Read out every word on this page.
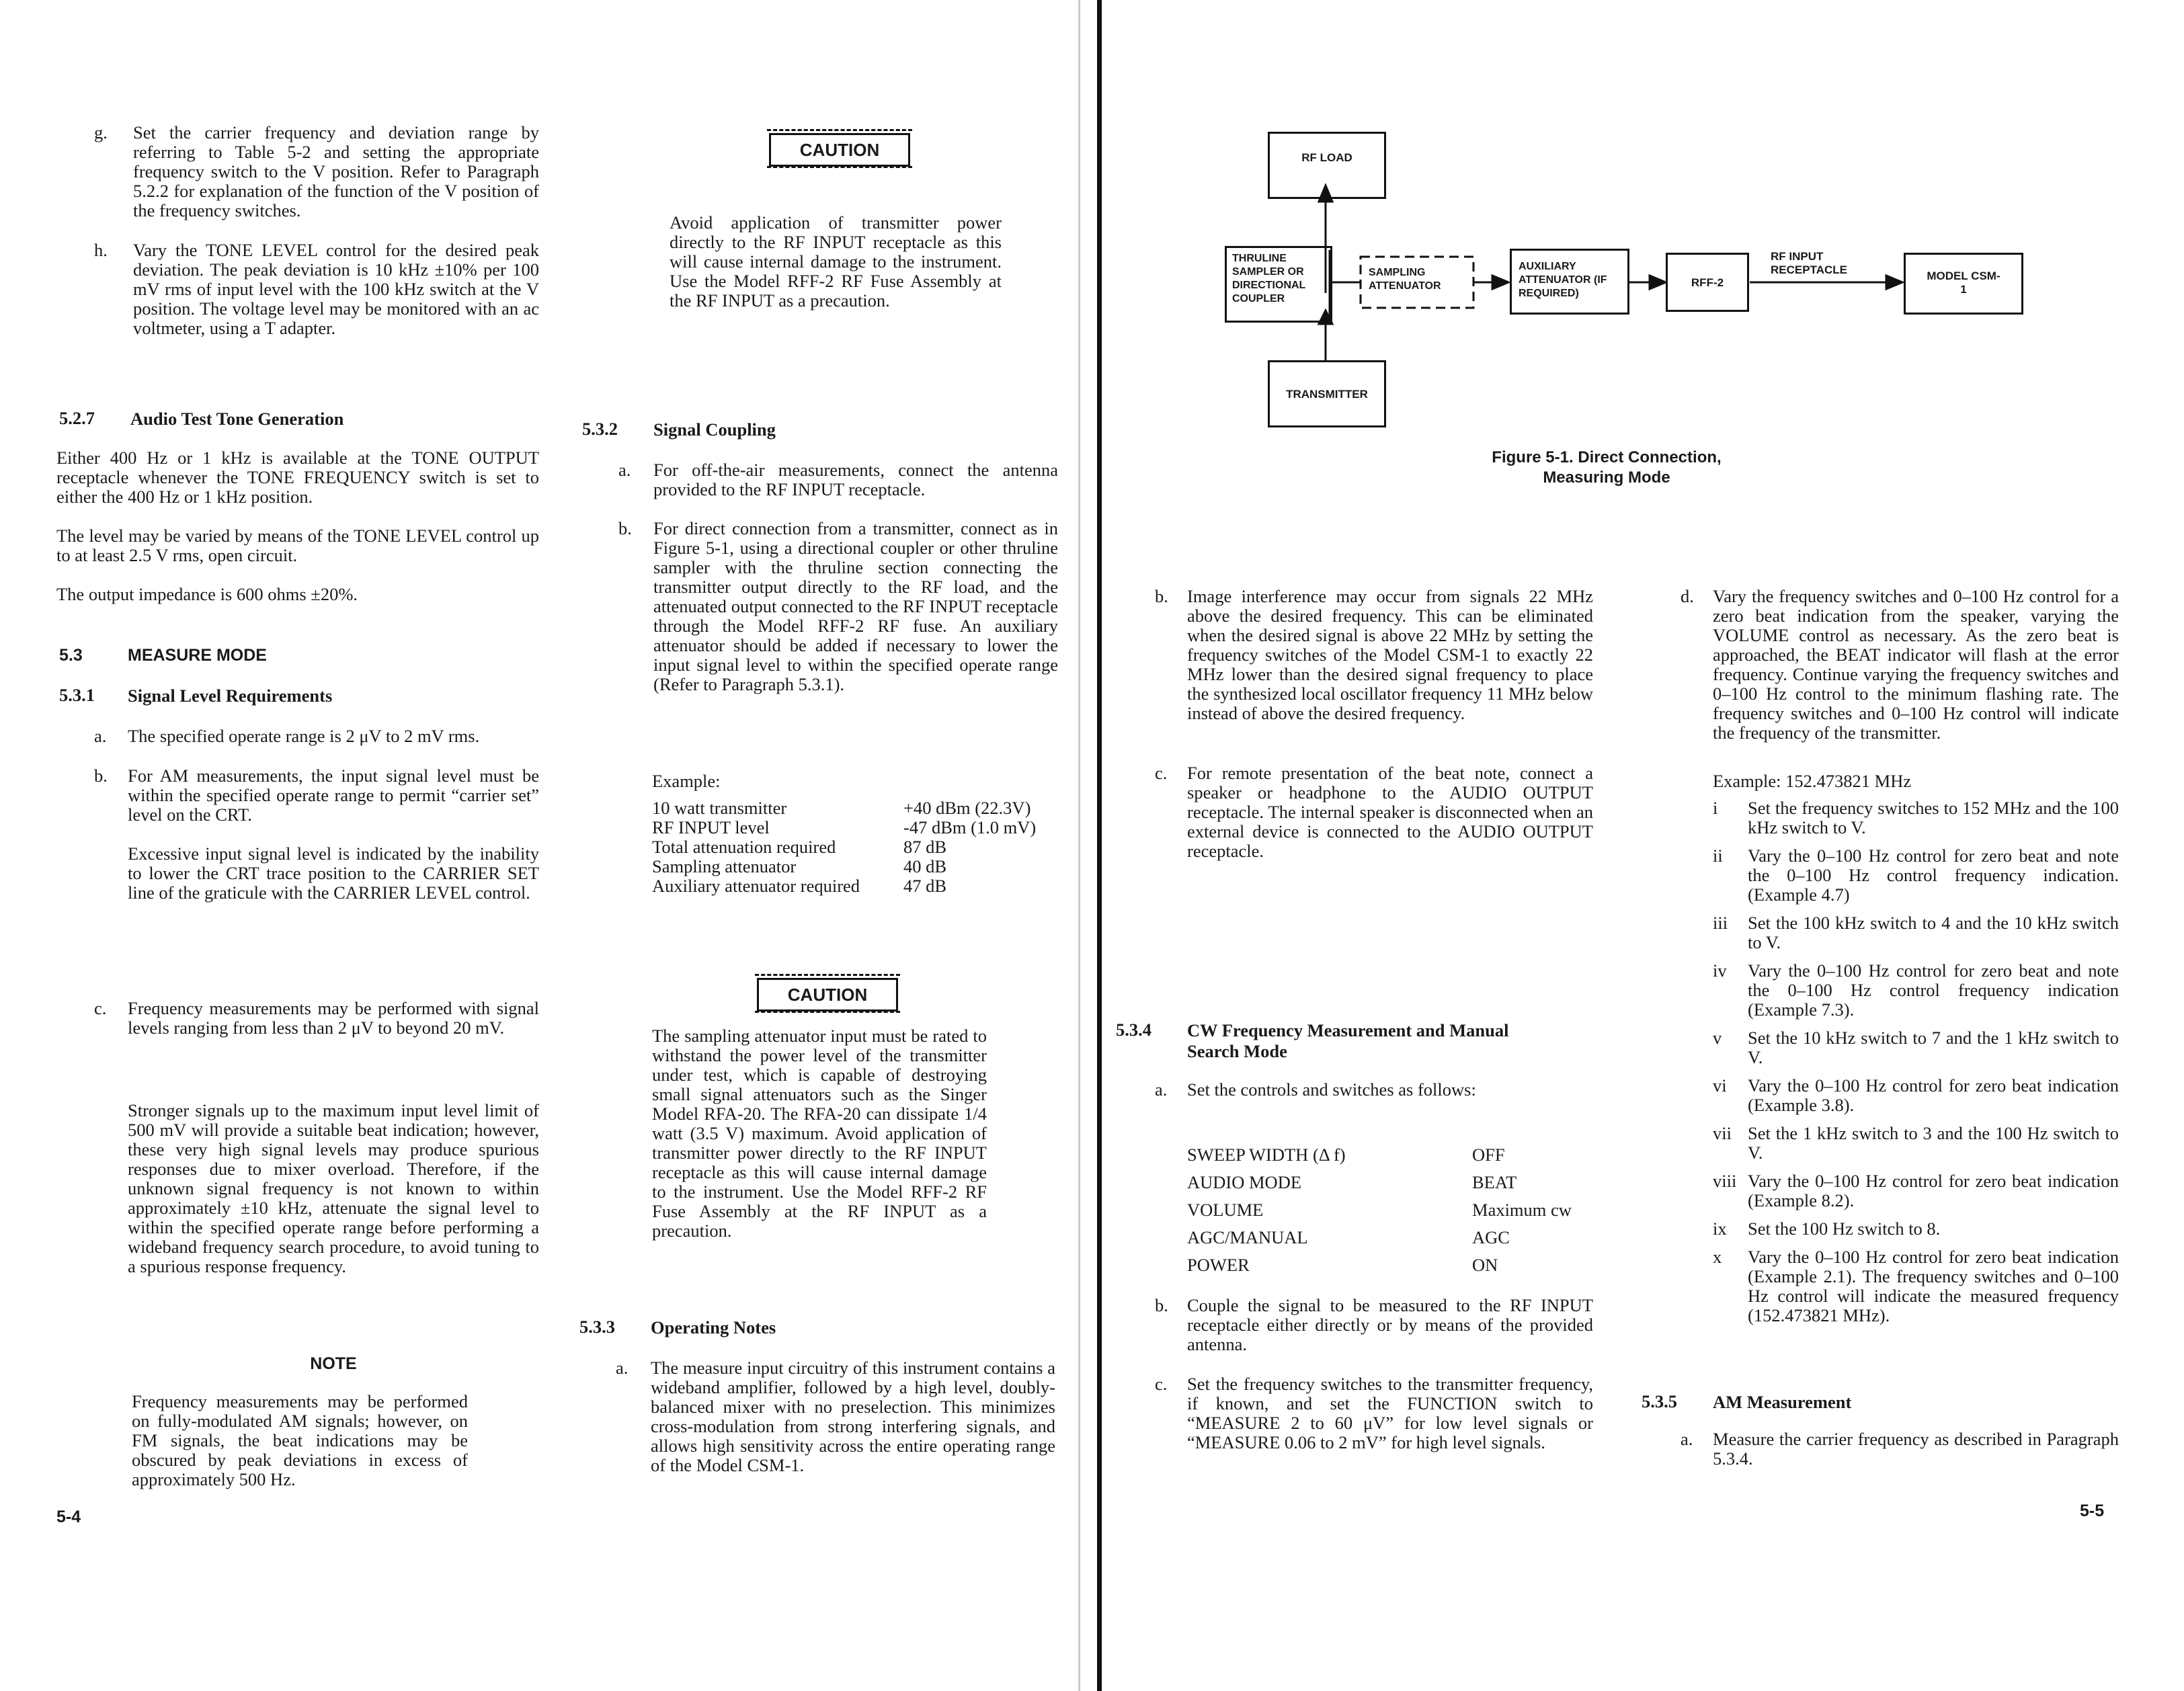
g. Set the carrier frequency and deviation range by referring to Table 5-2 and setting the appropriate frequency switch to the V position. Refer to Paragraph 5.2.2 for explanation of the function of the V position of the frequency switches.
h. Vary the TONE LEVEL control for the desired peak deviation. The peak deviation is 10 kHz ±10% per 100 mV rms of input level with the 100 kHz switch at the V position. The voltage level may be monitored with an ac voltmeter, using a T adapter.
5.2.7 Audio Test Tone Generation
Either 400 Hz or 1 kHz is available at the TONE OUTPUT receptacle whenever the TONE FREQUENCY switch is set to either the 400 Hz or 1 kHz position.
The level may be varied by means of the TONE LEVEL control up to at least 2.5 V rms, open circuit.
The output impedance is 600 ohms ±20%.
5.3	MEASURE MODE
5.3.1 Signal Level Requirements
a. The specified operate range is 2 μV to 2 mV rms.
b. For AM measurements, the input signal level must be within the specified operate range to permit “carrier set” level on the CRT.
Excessive input signal level is indicated by the inability to lower the CRT trace position to the CARRIER SET line of the graticule with the CARRIER LEVEL control.
c. Frequency measurements may be performed with signal levels ranging from less than 2 μV to beyond 20 mV.
Stronger signals up to the maximum input level limit of 500 mV will provide a suitable beat indication; however, these very high signal levels may produce spurious responses due to mixer overload. Therefore, if the unknown signal frequency is not known to within approximately ±10 kHz, attenuate the signal level to within the specified operate range before performing a wideband frequency search procedure, to avoid tuning to a spurious response frequency.
NOTE
Frequency measurements may be performed on fully-modulated AM signals; however, on FM signals, the beat indications may be obscured by peak deviations in excess of approximately 500 Hz.
5-4
CAUTION
Avoid application of transmitter power directly to the RF INPUT receptacle as this will cause internal damage to the instrument. Use the Model RFF-2 RF Fuse Assembly at the RF INPUT as a precaution.
5.3.2 Signal Coupling
a. For off-the-air measurements, connect the antenna provided to the RF INPUT receptacle.
b. For direct connection from a transmitter, connect as in Figure 5-1, using a directional coupler or other thruline sampler with the thruline section connecting the transmitter output directly to the RF load, and the attenuated output connected to the RF INPUT receptacle through the Model RFF-2 RF fuse. An auxiliary attenuator should be added if necessary to lower the input signal level to within the specified operate range (Refer to Paragraph 5.3.1).
Example:
10 watt transmitter	+40 dBm (22.3V)
RF INPUT level	-47 dBm (1.0 mV)
Total attenuation required	87 dB
Sampling attenuator	40 dB
Auxiliary attenuator required	47 dB
CAUTION
The sampling attenuator input must be rated to withstand the power level of the transmitter under test, which is capable of destroying small signal attenuators such as the Singer Model RFA-20. The RFA-20 can dissipate 1/4 watt (3.5 V) maximum. Avoid application of transmitter power directly to the RF INPUT receptacle as this will cause internal damage to the instrument. Use the Model RFF-2 RF Fuse Assembly at the RF INPUT as a precaution.
5.3.3 Operating Notes
a. The measure input circuitry of this instrument contains a wideband amplifier, followed by a high level, doubly-balanced mixer with no preselection. This minimizes cross-modulation from strong interfering signals, and allows high sensitivity across the entire operating range of the Model CSM-1.
RF LOAD
THRULINE SAMPLER OR DIRECTIONAL COUPLER
SAMPLING ATTENUATOR
AUXILIARY ATTENUATOR (IF REQUIRED)
RFF-2
RF INPUT RECEPTACLE	MODEL CSM-1
TRANSMITTER
Figure 5-1. Direct Connection,
Measuring Mode
b. Image interference may occur from signals 22 MHz above the desired frequency. This can be eliminated when the desired signal is above 22 MHz by setting the frequency switches of the Model CSM-1 to exactly 22 MHz lower than the desired signal frequency to place the synthesized local oscillator frequency 11 MHz below instead of above the desired frequency.
c. For remote presentation of the beat note, connect a speaker or headphone to the AUDIO OUTPUT receptacle. The internal speaker is disconnected when an external device is connected to the AUDIO OUTPUT receptacle.
5.3.4 CW Frequency Measurement and Manual Search Mode
a. Set the controls and switches as follows:
SWEEP WIDTH (Δ f)	OFF
AUDIO MODE	BEAT
VOLUME	Maximum cw
AGC/MANUAL	AGC
POWER	ON
b. Couple the signal to be measured to the RF INPUT receptacle either directly or by means of the provided antenna.
c. Set the frequency switches to the transmitter frequency, if known, and set the FUNCTION switch to “MEASURE 2 to 60 μV” for low level signals or “MEASURE 0.06 to 2 mV” for high level signals.
d. Vary the frequency switches and 0–100 Hz control for a zero beat indication from the speaker, varying the VOLUME control as necessary. As the zero beat is approached, the BEAT indicator will flash at the error frequency. Continue varying the frequency switches and 0–100 Hz control to the minimum flashing rate. The frequency switches and 0–100 Hz control will indicate the frequency of the transmitter.
Example: 152.473821 MHz
i	Set the frequency switches to 152 MHz and the 100 kHz switch to V.
ii	Vary the 0–100 Hz control for zero beat and note the 0–100 Hz control frequency indication. (Example 4.7)
iii	Set the 100 kHz switch to 4 and the 10 kHz switch to V.
iv	Vary the 0–100 Hz control for zero beat and note the 0–100 Hz control frequency indication (Example 7.3).
v	Set the 10 kHz switch to 7 and the 1 kHz switch to V.
vi	Vary the 0–100 Hz control for zero beat indication (Example 3.8).
vii Set the 1 kHz switch to 3 and the 100 Hz switch to V.
viii Vary the 0–100 Hz control for zero beat indication (Example 8.2).
ix	Set the 100 Hz switch to 8.
x	Vary the 0–100 Hz control for zero beat indication (Example 2.1). The frequency switches and 0–100 Hz control will indicate the measured frequency (152.473821 MHz).
5.3.5 AM Measurement
a. Measure the carrier frequency as described in Paragraph 5.3.4.
5-5
